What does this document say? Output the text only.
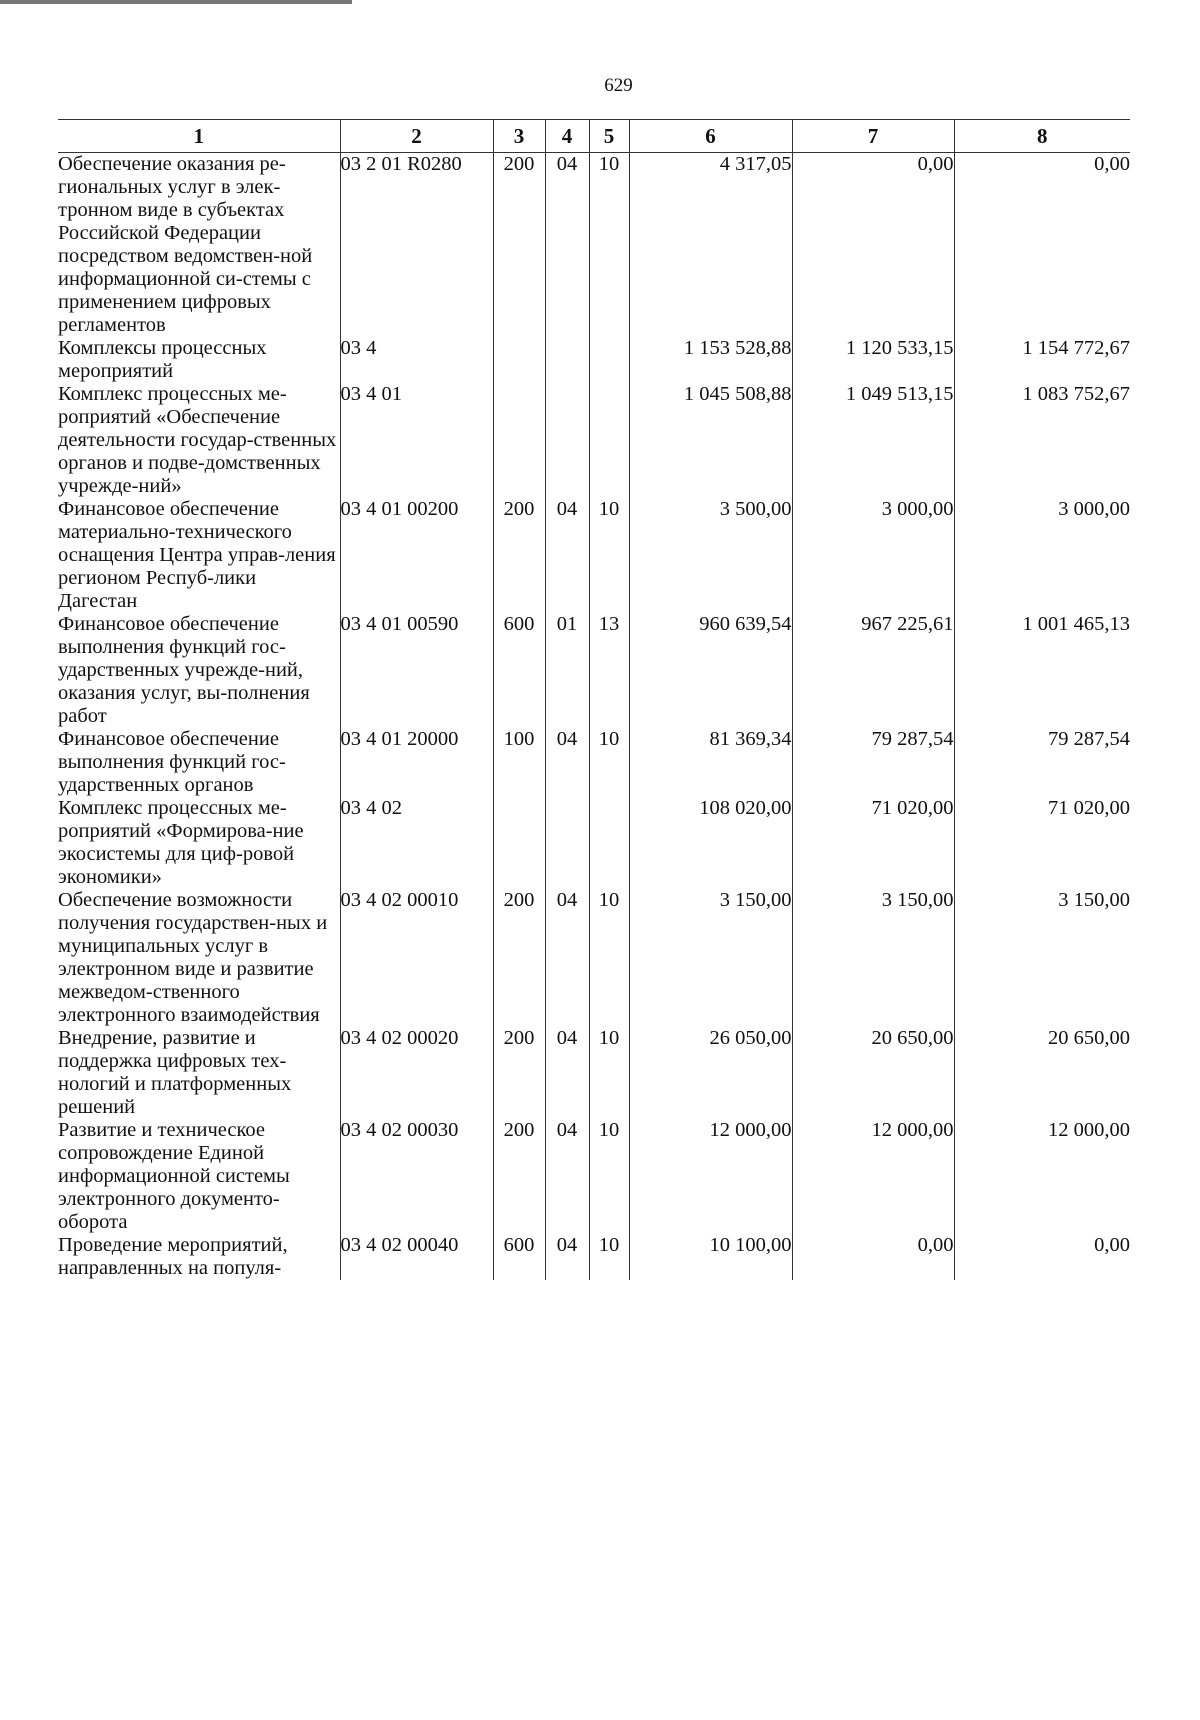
629
1	2	3	4	5	6	7	8
Обеспечение оказания ре-гиональных услуг в элек-тронном виде в субъектах Российской Федерации посредством ведомствен-ной информационной си-стемы с применением цифровых регламентов	03 2 01 R0280	200	04	10	4 317,05	0,00	0,00
Комплексы процессных мероприятий	03 4				1 153 528,88	1 120 533,15	1 154 772,67
Комплекс процессных ме-роприятий «Обеспечение деятельности государ-ственных органов и подве-домственных учрежде-ний»	03 4 01				1 045 508,88	1 049 513,15	1 083 752,67
Финансовое обеспечение материально-технического оснащения Центра управ-ления регионом Респуб-лики Дагестан	03 4 01 00200	200	04	10	3 500,00	3 000,00	3 000,00
Финансовое обеспечение выполнения функций гос-ударственных учрежде-ний, оказания услуг, вы-полнения работ	03 4 01 00590	600	01	13	960 639,54	967 225,61	1 001 465,13
Финансовое обеспечение выполнения функций гос-ударственных органов	03 4 01 20000	100	04	10	81 369,34	79 287,54	79 287,54
Комплекс процессных ме-роприятий «Формирова-ние экосистемы для циф-ровой экономики»	03 4 02				108 020,00	71 020,00	71 020,00
Обеспечение возможности получения государствен-ных и муниципальных услуг в электронном виде и развитие межведом-ственного электронного взаимодействия	03 4 02 00010	200	04	10	3 150,00	3 150,00	3 150,00
Внедрение, развитие и поддержка цифровых тех-нологий и платформенных решений	03 4 02 00020	200	04	10	26 050,00	20 650,00	20 650,00
Развитие и техническое сопровождение Единой информационной системы электронного документо-оборота	03 4 02 00030	200	04	10	12 000,00	12 000,00	12 000,00
Проведение мероприятий, направленных на популя-	03 4 02 00040	600	04	10	10 100,00	0,00	0,00
